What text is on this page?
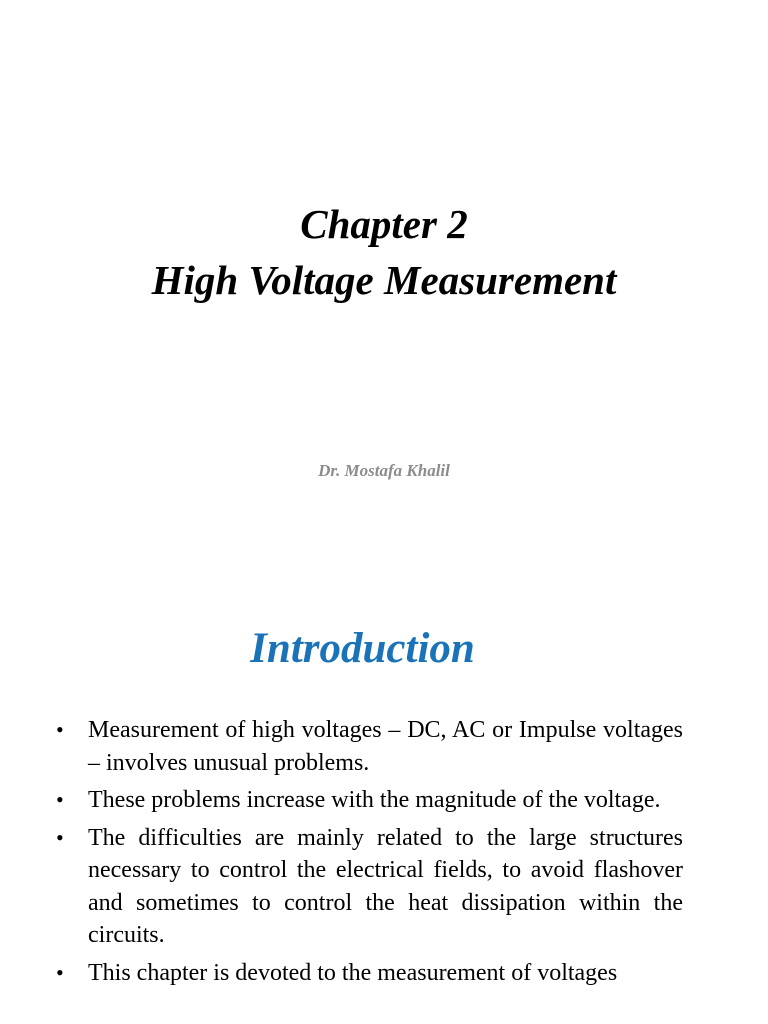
Chapter 2
High Voltage Measurement
Dr. Mostafa Khalil
Introduction
• Measurement of high voltages – DC, AC or Impulse voltages – involves unusual problems.
• These problems increase with the magnitude of the voltage.
• The difficulties are mainly related to the large structures necessary to control the electrical fields, to avoid flashover and sometimes to control the heat dissipation within the circuits.
• This chapter is devoted to the measurement of voltages
